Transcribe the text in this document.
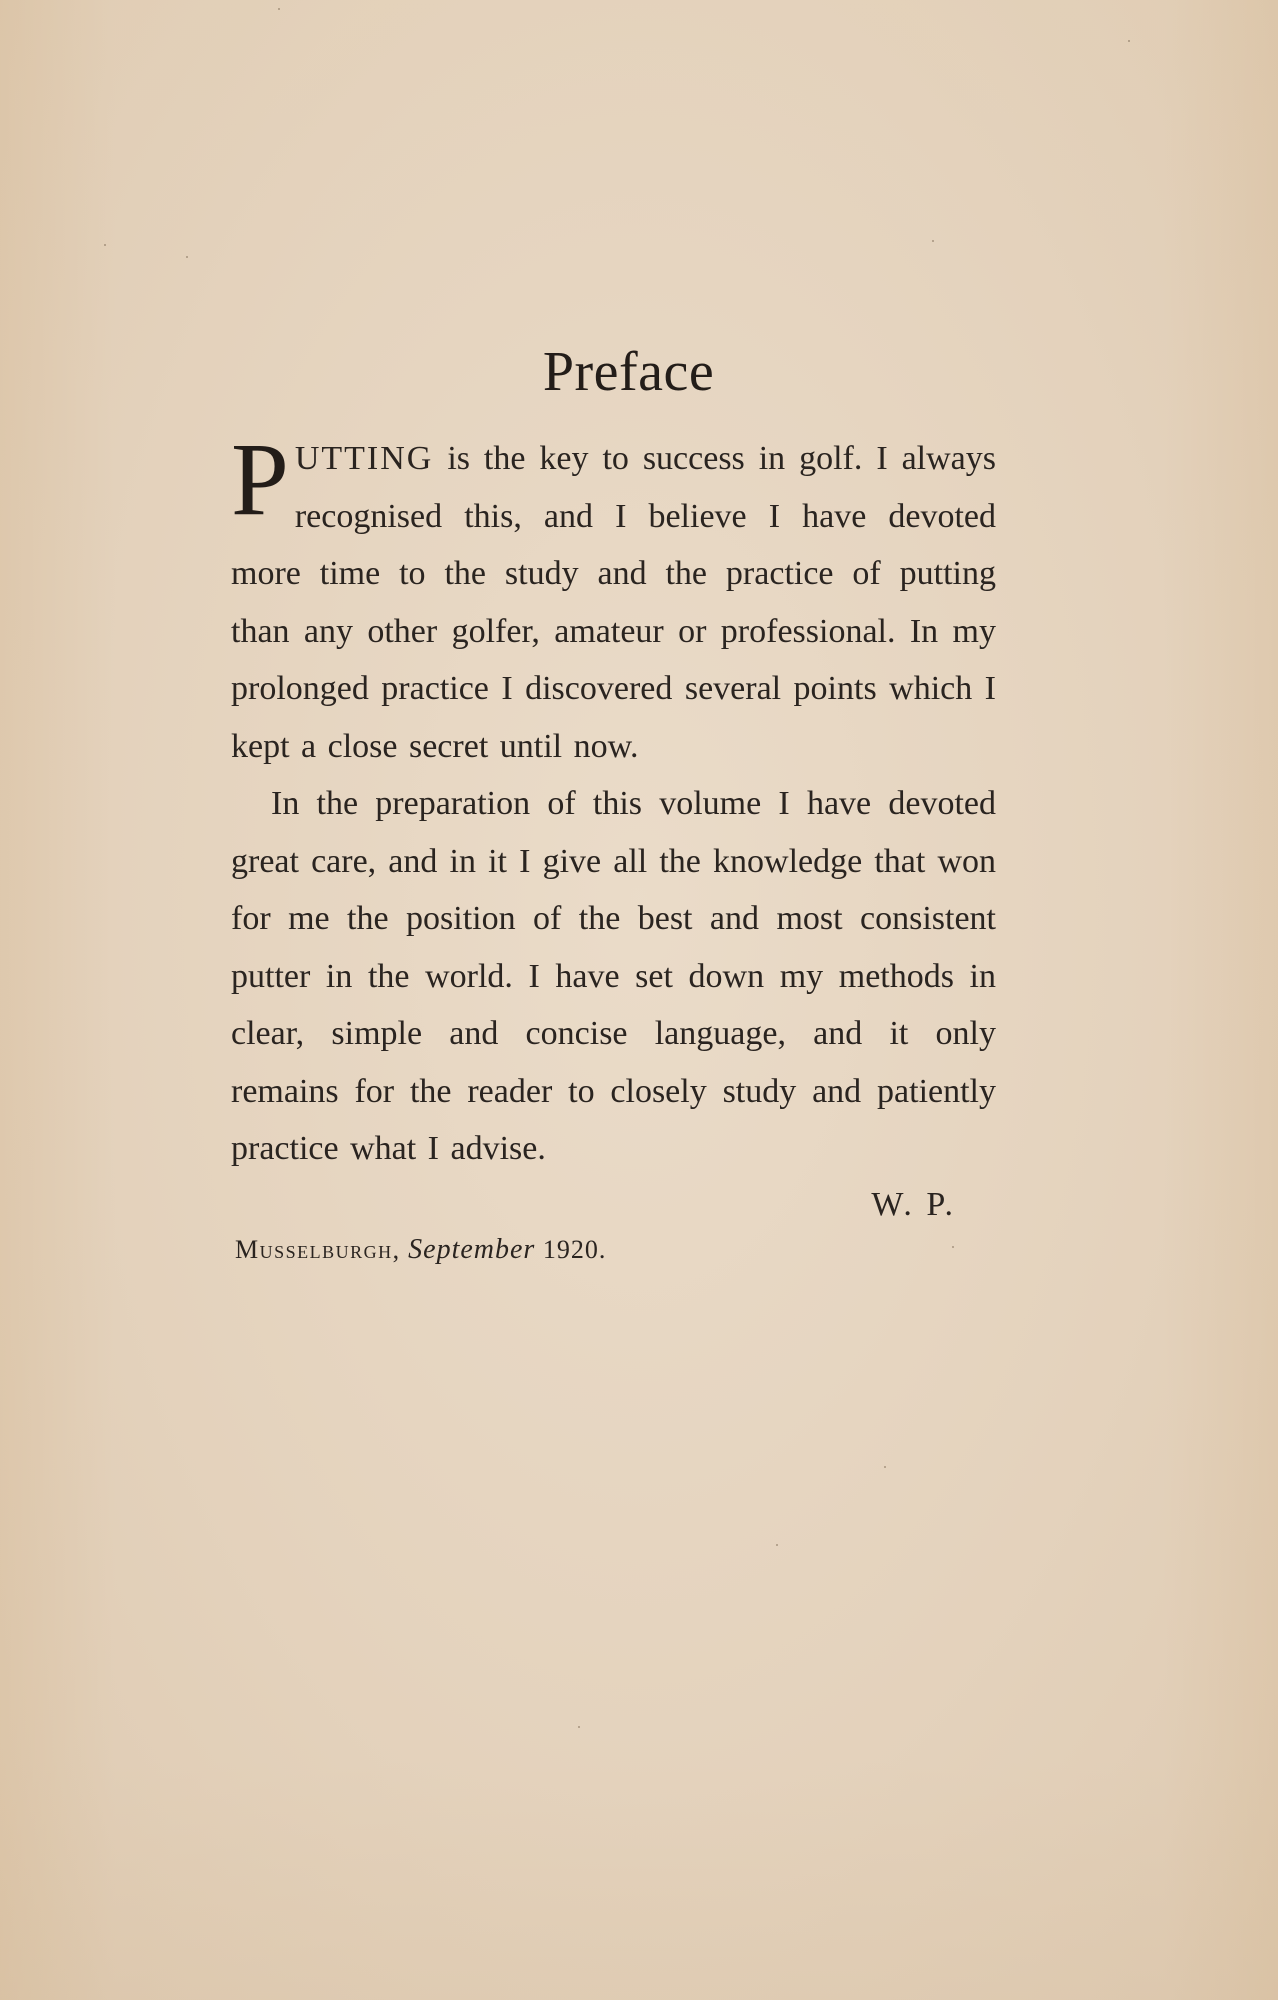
Preface

PUTTING is the key to success in golf. I always recognised this, and I believe I have devoted more time to the study and the practice of putting than any other golfer, amateur or professional. In my prolonged practice I discovered several points which I kept a close secret until now.

In the preparation of this volume I have devoted great care, and in it I give all the knowledge that won for me the position of the best and most consistent putter in the world. I have set down my methods in clear, simple and concise language, and it only remains for the reader to closely study and patiently practice what I advise.

W. P.
Musselburgh, September 1920.
